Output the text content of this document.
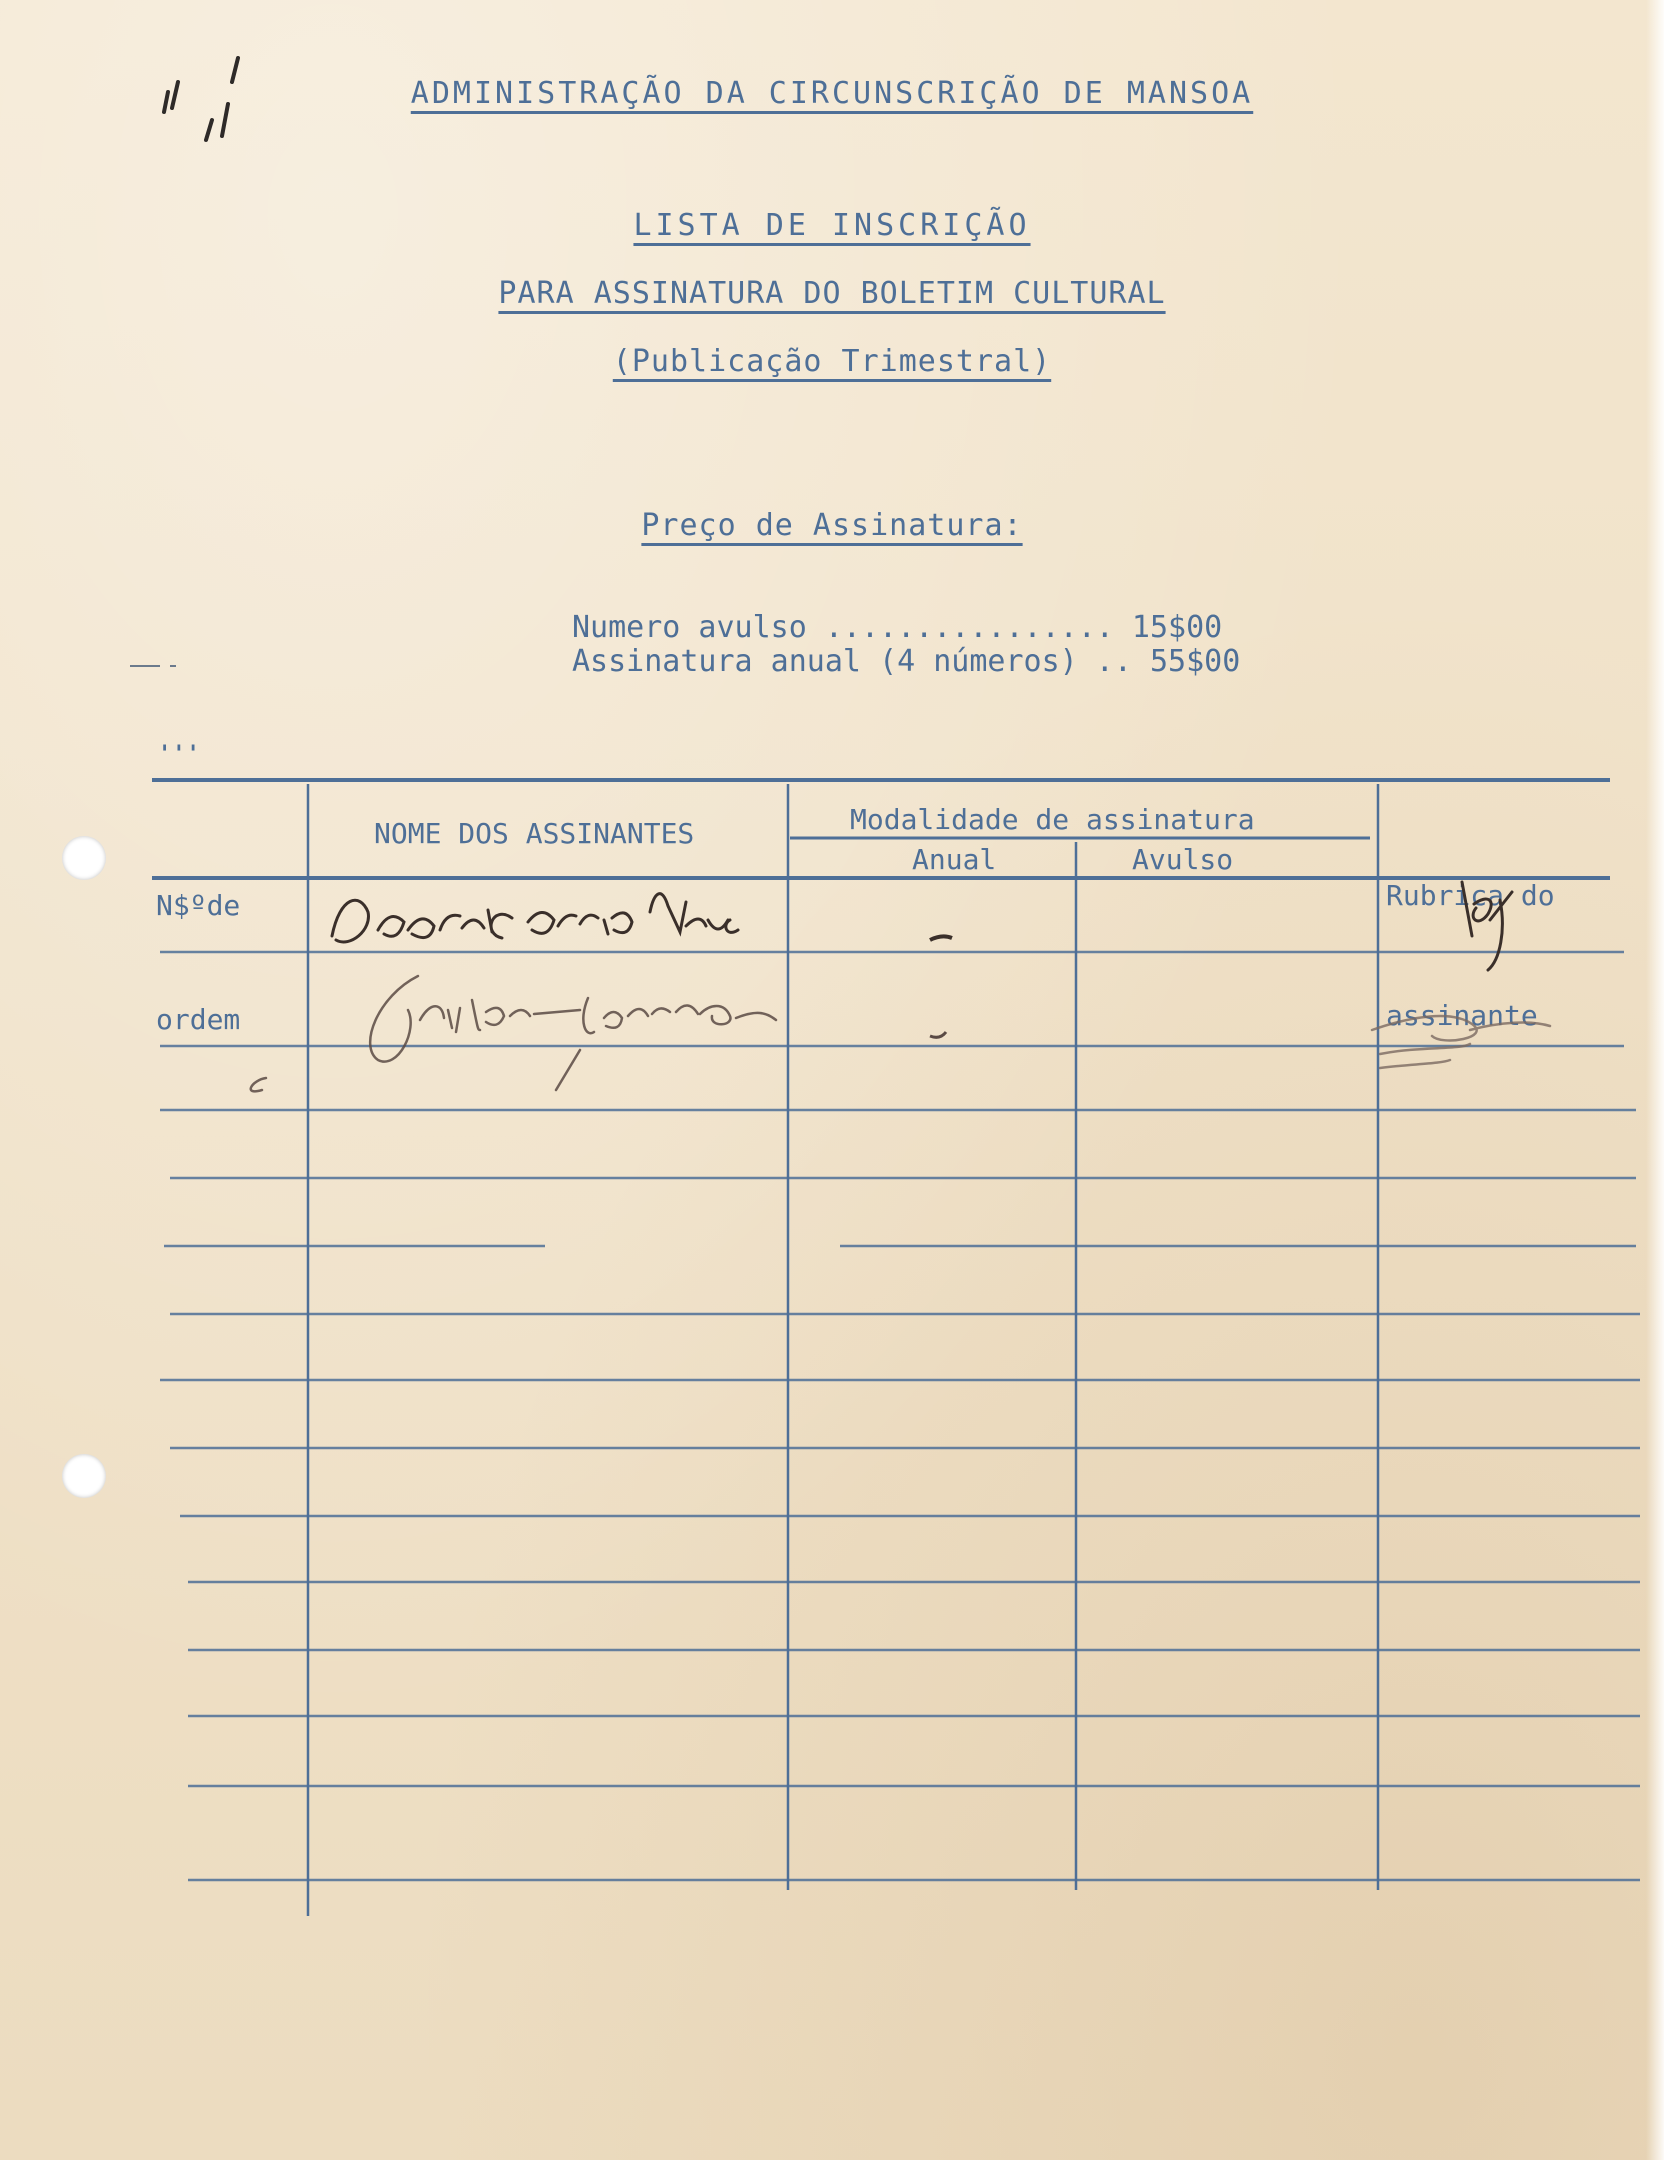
ADMINISTRAÇÃO DA CIRCUNSCRIÇÃO DE MANSOA
LISTA DE INSCRIÇÃO
PARA ASSINATURA DO BOLETIM CULTURAL
(Publicação Trimestral)
Preço de Assinatura:
Numero avulso ................ 15$00
Assinatura anual (4 números) .. 55$00
'''

N$ºde

ordem

NOME DOS ASSINANTES	Modalidade de assinatura
Anual	Avulso

Rubrica do

assinante
